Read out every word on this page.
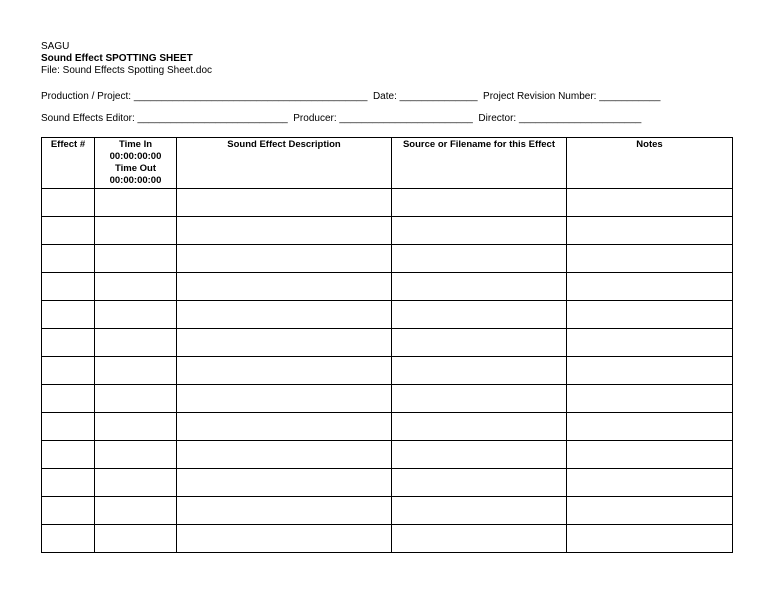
SAGU
Sound Effect SPOTTING SHEET
File: Sound Effects Spotting Sheet.doc
Production / Project: __________________________________________  Date: ______________  Project Revision Number: ___________
Sound Effects Editor: ___________________________  Producer: ________________________  Director: ______________________
Effect #	Time In
00:00:00:00
Time Out
00:00:00:00	Sound Effect Description	Source or Filename for this Effect	Notes
